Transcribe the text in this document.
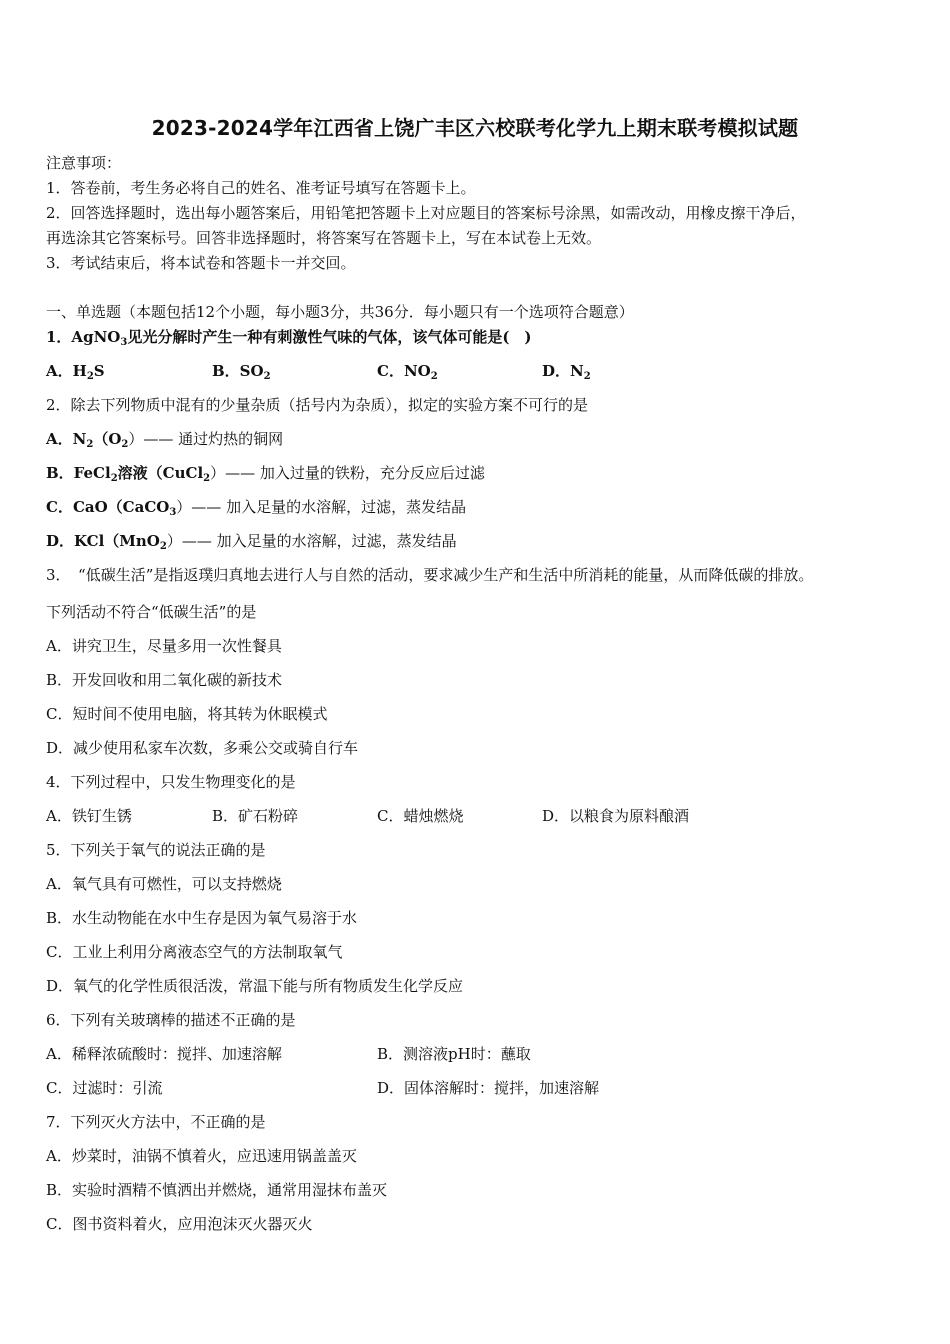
2023-2024学年江西省上饶广丰区六校联考化学九上期末联考模拟试题
注意事项：
1．答卷前，考生务必将自己的姓名、准考证号填写在答题卡上。
2．回答选择题时，选出每小题答案后，用铅笔把答题卡上对应题目的答案标号涂黑，如需改动，用橡皮擦干净后，
再选涂其它答案标号。回答非选择题时，将答案写在答题卡上，写在本试卷上无效。
3．考试结束后，将本试卷和答题卡一并交回。
一、单选题（本题包括12个小题，每小题3分，共36分．每小题只有一个选项符合题意）
1．AgNO$_3$见光分解时产生一种有刺激性气味的气体，该气体可能是(　)
A．$H_2S$	B．$SO_2$	C．$NO_2$	D．$N_2$
2．除去下列物质中混有的少量杂质（括号内为杂质），拟定的实验方案不可行的是
A．$N_2(O_2)——$ 通过灼热的铜网
B．FeCl$_2$溶液（CuCl$_2$）—— 加入过量的铁粉，充分反应后过滤
C．CaO（CaCO$_3$）—— 加入足量的水溶解，过滤，蒸发结晶
D．KCl（MnO$_2$）—— 加入足量的水溶解，过滤，蒸发结晶
3．　“低碳生活”是指返璞归真地去进行人与自然的活动，要求减少生产和生活中所消耗的能量，从而降低碳的排放。
下列活动不符合“低碳生活”的是
A．讲究卫生，尽量多用一次性餐具
B．开发回收和用二氧化碳的新技术
C．短时间不使用电脑，将其转为休眠模式
D．减少使用私家车次数，多乘公交或骑自行车
4．下列过程中，只发生物理变化的是
A．铁钉生锈	B．矿石粉碎	C．蜡烛燃烧	D．以粮食为原料酿酒
5．下列关于氧气的说法正确的是
A．氧气具有可燃性，可以支持燃烧
B．水生动物能在水中生存是因为氧气易溶于水
C．工业上利用分离液态空气的方法制取氧气
D．氧气的化学性质很活泼，常温下能与所有物质发生化学反应
6．下列有关玻璃棒的描述不正确的是
A．稀释浓硫酸时：搅拌、加速溶解	B．测溶液pH时：蘸取
C．过滤时：引流	D．固体溶解时：搅拌，加速溶解
7．下列灭火方法中，不正确的是
A．炒菜时，油锅不慎着火，应迅速用锅盖盖灭
B．实验时酒精不慎洒出并燃烧，通常用湿抹布盖灭
C．图书资料着火，应用泡沫灭火器灭火
